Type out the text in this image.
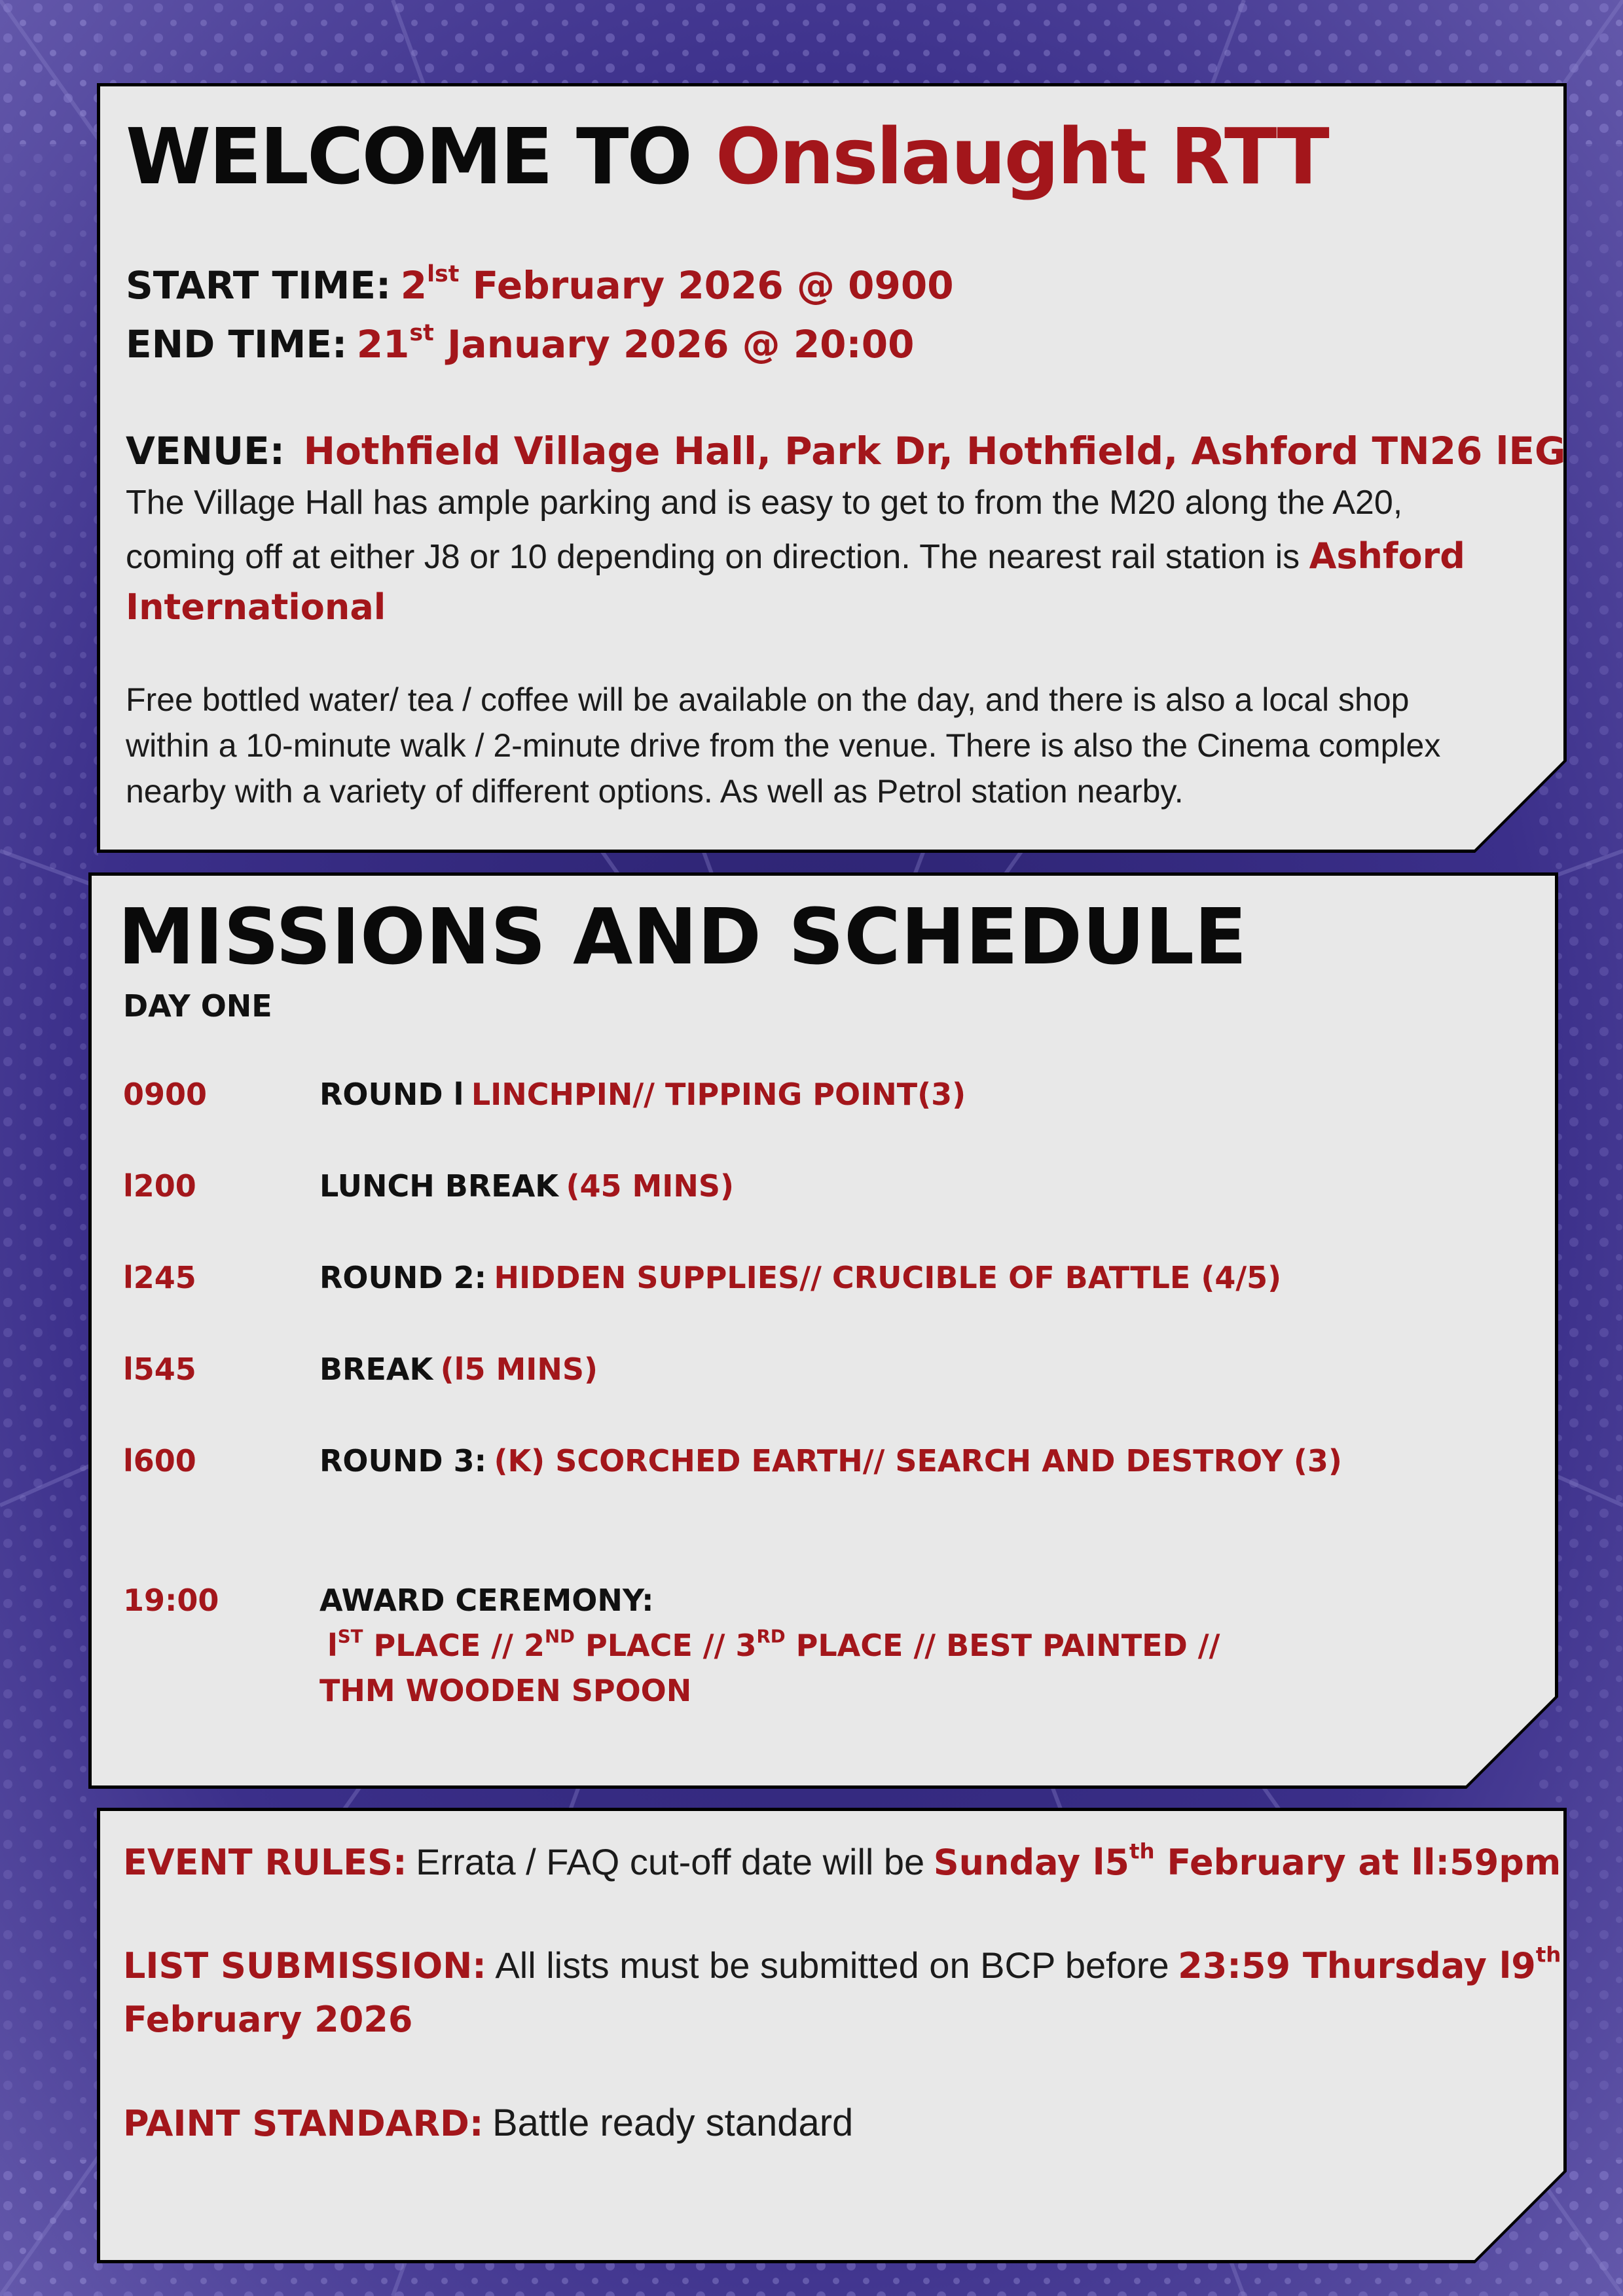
WELCOME TO Onslaught RTT
START TIME: $2^{lst}$ February 2026 @ 0900
END TIME: 21st January 2026 @ 20:00
VENUE: Hothfield Village Hall, Park Dr, Hothfield, Ashford TN26 lEG
The Village Hall has ample parking and is easy to get to from the M20 along the A20,
coming off at either J8 or 10 depending on direction. The nearest rail station is Ashford
International
Free bottled water/ tea / coffee will be available on the day, and there is also a local shop
within a 10-minute walk / 2-minute drive from the venue. There is also the Cinema complex
nearby with a variety of different options. As well as Petrol station nearby.
MISSIONS AND SCHEDULE
DAY ONE
0900	ROUND l LINCHPIN// TIPPING POINT(3)
l200	LUNCH BREAK (45 MINS)
l245	ROUND 2: HIDDEN SUPPLIES// CRUCIBLE OF BATTLE (4/5)
l545	BREAK (l5 MINS)
l600	ROUND 3: (K) SCORCHED EARTH// SEARCH AND DESTROY (3)
19:00	AWARD CEREMONY:
$l^{ST}$ PLACE // 2ND PLACE // 3RD PLACE // BEST PAINTED //
THM WOODEN SPOON
EVENT RULES: Errata / FAQ cut-off date will be Sunday l5th February at ll:59pm
LIST SUBMISSION: All lists must be submitted on BCP before 23:59 Thursday l9th
February 2026
PAINT STANDARD: Battle ready standard
